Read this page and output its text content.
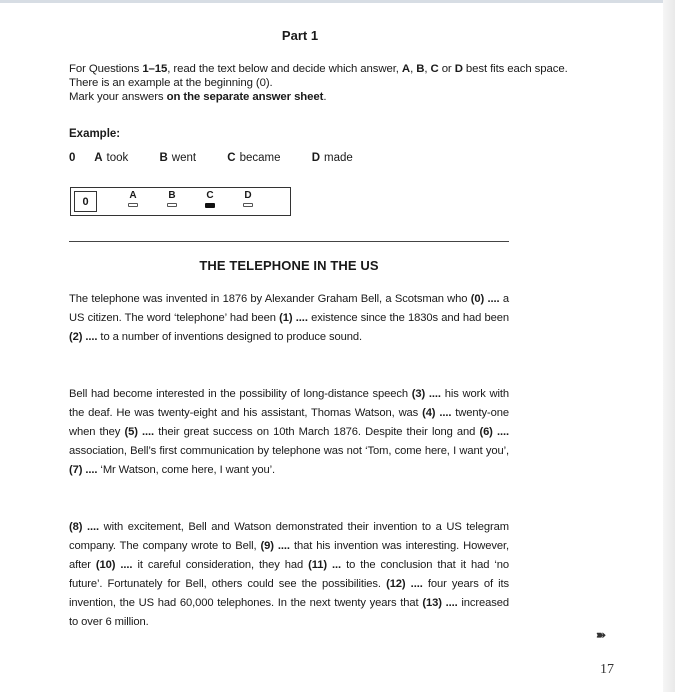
Part 1
For Questions 1–15, read the text below and decide which answer, A, B, C or D best fits each space. There is an example at the beginning (0).
Mark your answers on the separate answer sheet.
Example:
0 A took	B went	C became	D made
0
A	B	C	D
THE TELEPHONE IN THE US
The telephone was invented in 1876 by Alexander Graham Bell, a Scotsman who (0) .... a US citizen. The word ‘telephone’ had been (1) .... existence since the 1830s and had been (2) .... to a number of inventions designed to produce sound.
Bell had become interested in the possibility of long-distance speech (3) .... his work with the deaf. He was twenty-eight and his assistant, Thomas Watson, was (4) .... twenty-one when they (5) .... their great success on 10th March 1876. Despite their long and (6) .... association, Bell’s first communication by telephone was not ‘Tom, come here, I want you’, (7) .... ‘Mr Watson, come here, I want you’.
(8) .... with excitement, Bell and Watson demonstrated their invention to a US telegram company. The company wrote to Bell, (9) .... that his invention was interesting. However, after (10) .... it careful consideration, they had (11) ... to the conclusion that it had ‘no future’. Fortunately for Bell, others could see the possibilities. (12) .... four years of its invention, the US had 60,000 telephones. In the next twenty years that (13) .... increased to over 6 million.
➽
17
